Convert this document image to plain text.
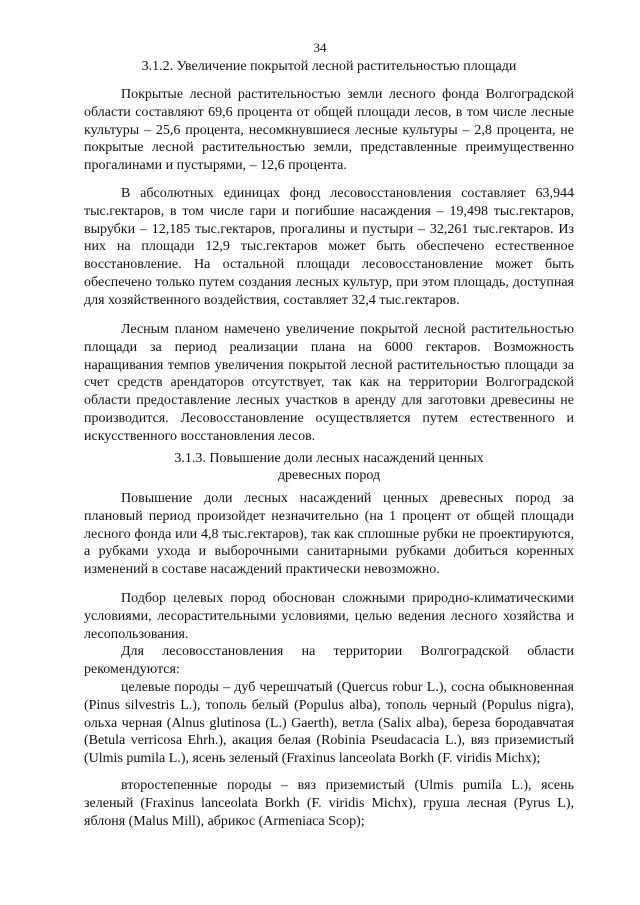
34
3.1.2. Увеличение покрытой лесной растительностью площади

Покрытые лесной растительностью земли лесного фонда Волгоградской области составляют 69,6 процента от общей площади лесов, в том числе лесные культуры – 25,6 процента, несомкнувшиеся лесные культуры – 2,8 процента, не покрытые лесной растительностью земли, представленные преимущественно прогалинами и пустырями, – 12,6 процента.

В абсолютных единицах фонд лесовосстановления составляет 63,944 тыс.гектаров, в том числе гари и погибшие насаждения – 19,498 тыс.гектаров, вырубки – 12,185 тыс.гектаров, прогалины и пустыри – 32,261 тыс.гектаров. Из них на площади 12,9 тыс.гектаров может быть обеспечено естественное восстановление. На остальной площади лесовосстановление может быть обеспечено только путем создания лесных культур, при этом площадь, доступная для хозяйственного воздействия, составляет 32,4 тыс.гектаров.

Лесным планом намечено увеличение покрытой лесной растительностью площади за период реализации плана на 6000 гектаров. Возможность наращивания темпов увеличения покрытой лесной растительностью площади за счет средств арендаторов отсутствует, так как на территории Волгоградской области предоставление лесных участков в аренду для заготовки древесины не производится. Лесовосстановление осуществляется путем естественного и искусственного восстановления лесов.

3.1.3. Повышение доли лесных насаждений ценных
древесных пород

Повышение доли лесных насаждений ценных древесных пород за плановый период произойдет незначительно (на 1 процент от общей площади лесного фонда или 4,8 тыс.гектаров), так как сплошные рубки не проектируются, а рубками ухода и выборочными санитарными рубками добиться коренных изменений в составе насаждений практически невозможно.

Подбор целевых пород обоснован сложными природно-климатическими условиями, лесорастительными условиями, целью ведения лесного хозяйства и лесопользования.

Для лесовосстановления на территории Волгоградской области рекомендуются:

целевые породы – дуб черешчатый (Quercus robur L.), сосна обыкновенная (Pinus silvestris L.), тополь белый (Populus alba), тополь черный (Populus nigra), ольха черная (Alnus glutinosa (L.) Gaerth), ветла (Salix alba), береза бородавчатая (Betula verricosa Ehrh.), акация белая (Robinia Pseudacacia L.), вяз приземистый (Ulmis pumila L.), ясень зеленый (Fraxinus lanceolata Borkh (F. viridis Michx);

второстепенные породы – вяз приземистый (Ulmis pumila L.), ясень зеленый (Fraxinus lanceolata Borkh (F. viridis Michx), груша лесная (Pyrus L), яблоня (Malus Mill), абрикос (Armeniaca Scop);
